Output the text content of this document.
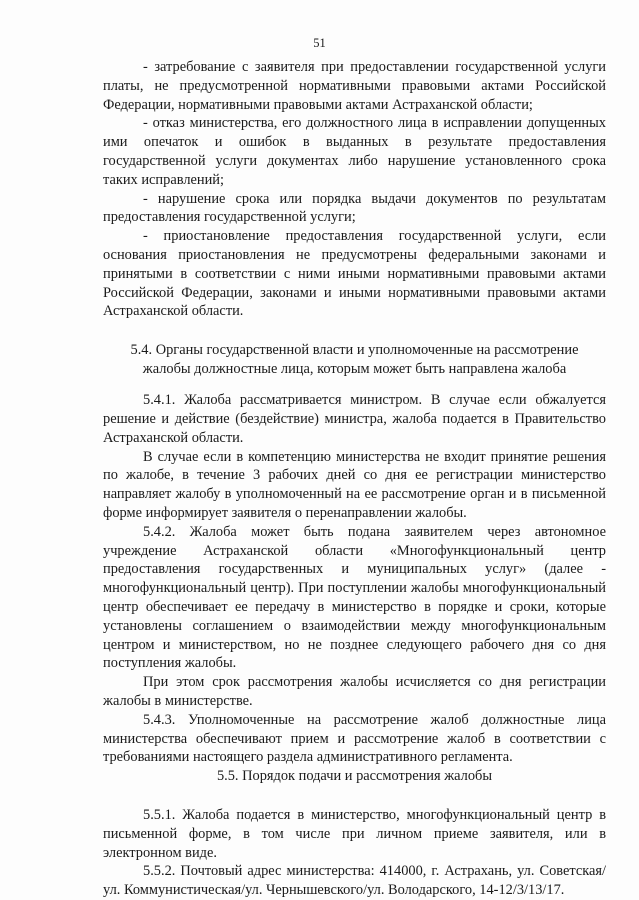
51

- затребование с заявителя при предоставлении государственной услуги платы, не предусмотренной нормативными правовыми актами Российской Федерации, нормативными правовыми актами Астраханской области;

- отказ министерства, его должностного лица в исправлении допущенных ими опечаток и ошибок в выданных в результате предоставления государственной услуги документах либо нарушение установленного срока таких исправлений;

- нарушение срока или порядка выдачи документов по результатам предоставления государственной услуги;

- приостановление предоставления государственной услуги, если основания приостановления не предусмотрены федеральными законами и принятыми в соответствии с ними иными нормативными правовыми актами Российской Федерации, законами и иными нормативными правовыми актами Астраханской области.

5.4. Органы государственной власти и уполномоченные на рассмотрение жалобы должностные лица, которым может быть направлена жалоба

5.4.1. Жалоба рассматривается министром. В случае если обжалуется решение и действие (бездействие) министра, жалоба подается в Правительство Астраханской области.

В случае если в компетенцию министерства не входит принятие решения по жалобе, в течение 3 рабочих дней со дня ее регистрации министерство направляет жалобу в уполномоченный на ее рассмотрение орган и в письменной форме информирует заявителя о перенаправлении жалобы.

5.4.2. Жалоба может быть подана заявителем через автономное учреждение Астраханской области «Многофункциональный центр предоставления государственных и муниципальных услуг» (далее - многофункциональный центр). При поступлении жалобы многофункциональный центр обеспечивает ее передачу в министерство в порядке и сроки, которые установлены соглашением о взаимодействии между многофункциональным центром и министерством, но не позднее следующего рабочего дня со дня поступления жалобы.

При этом срок рассмотрения жалобы исчисляется со дня регистрации жалобы в министерстве.

5.4.3. Уполномоченные на рассмотрение жалоб должностные лица министерства обеспечивают прием и рассмотрение жалоб в соответствии с требованиями настоящего раздела административного регламента.

5.5. Порядок подачи и рассмотрения жалобы

5.5.1. Жалоба подается в министерство, многофункциональный центр в письменной форме, в том числе при личном приеме заявителя, или в электронном виде.

5.5.2. Почтовый адрес министерства: 414000, г. Астрахань, ул. Советская/ул. Коммунистическая/ул. Чернышевского/ул. Володарского, 14-12/3/13/17.
